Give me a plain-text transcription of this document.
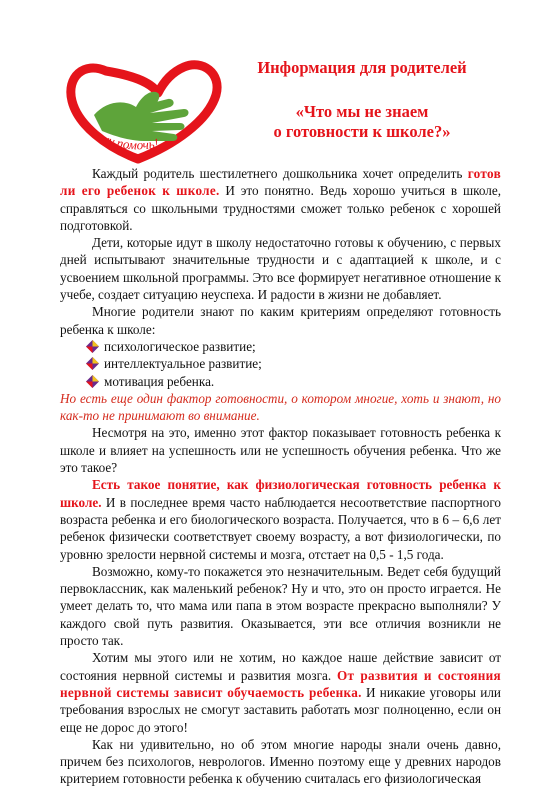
хочу помочь!
Информация для родителей
«Что мы не знаем
о готовности к школе?»

Каждый родитель шестилетнего дошкольника хочет определить готов ли его ребенок к школе. И это понятно. Ведь хорошо учиться в школе, справляться со школьными трудностями сможет только ребенок с хорошей подготовкой.

Дети, которые идут в школу недостаточно готовы к обучению, с первых дней испытывают значительные трудности и с адаптацией к школе, и с усвоением школьной программы. Это все формирует негативное отношение к учебе, создает ситуацию неуспеха. И радости в жизни не добавляет.

Многие родители знают по каким критериям определяют готовность ребенка к школе:

психологическое развитие;
интеллектуальное развитие;
мотивация ребенка.

Но есть еще один фактор готовности, о котором многие, хоть и знают, но как-то не принимают во внимание.

Несмотря на это, именно этот фактор показывает готовность ребенка к школе и влияет на успешность или не успешность обучения ребенка. Что же это такое?

Есть такое понятие, как физиологическая готовность ребенка к школе. И в последнее время часто наблюдается несоответствие паспортного возраста ребенка и его биологического возраста. Получается, что в 6 – 6,6 лет ребенок физически соответствует своему возрасту, а вот физиологически, по уровню зрелости нервной системы и мозга, отстает на 0,5 - 1,5 года.

Возможно, кому-то покажется это незначительным. Ведет себя будущий первоклассник, как маленький ребенок? Ну и что, это он просто играется. Не умеет делать то, что мама или папа в этом возрасте прекрасно выполняли? У каждого свой путь развития. Оказывается, эти все отличия возникли не просто так.

Хотим мы этого или не хотим, но каждое наше действие зависит от состояния нервной системы и развития мозга. От развития и состояния нервной системы зависит обучаемость ребенка. И никакие уговоры или требования взрослых не смогут заставить работать мозг полноценно, если он еще не дорос до этого!

Как ни удивительно, но об этом многие народы знали очень давно, причем без психологов, неврологов. Именно поэтому еще у древних народов критерием готовности ребенка к обучению считалась его физиологическая
